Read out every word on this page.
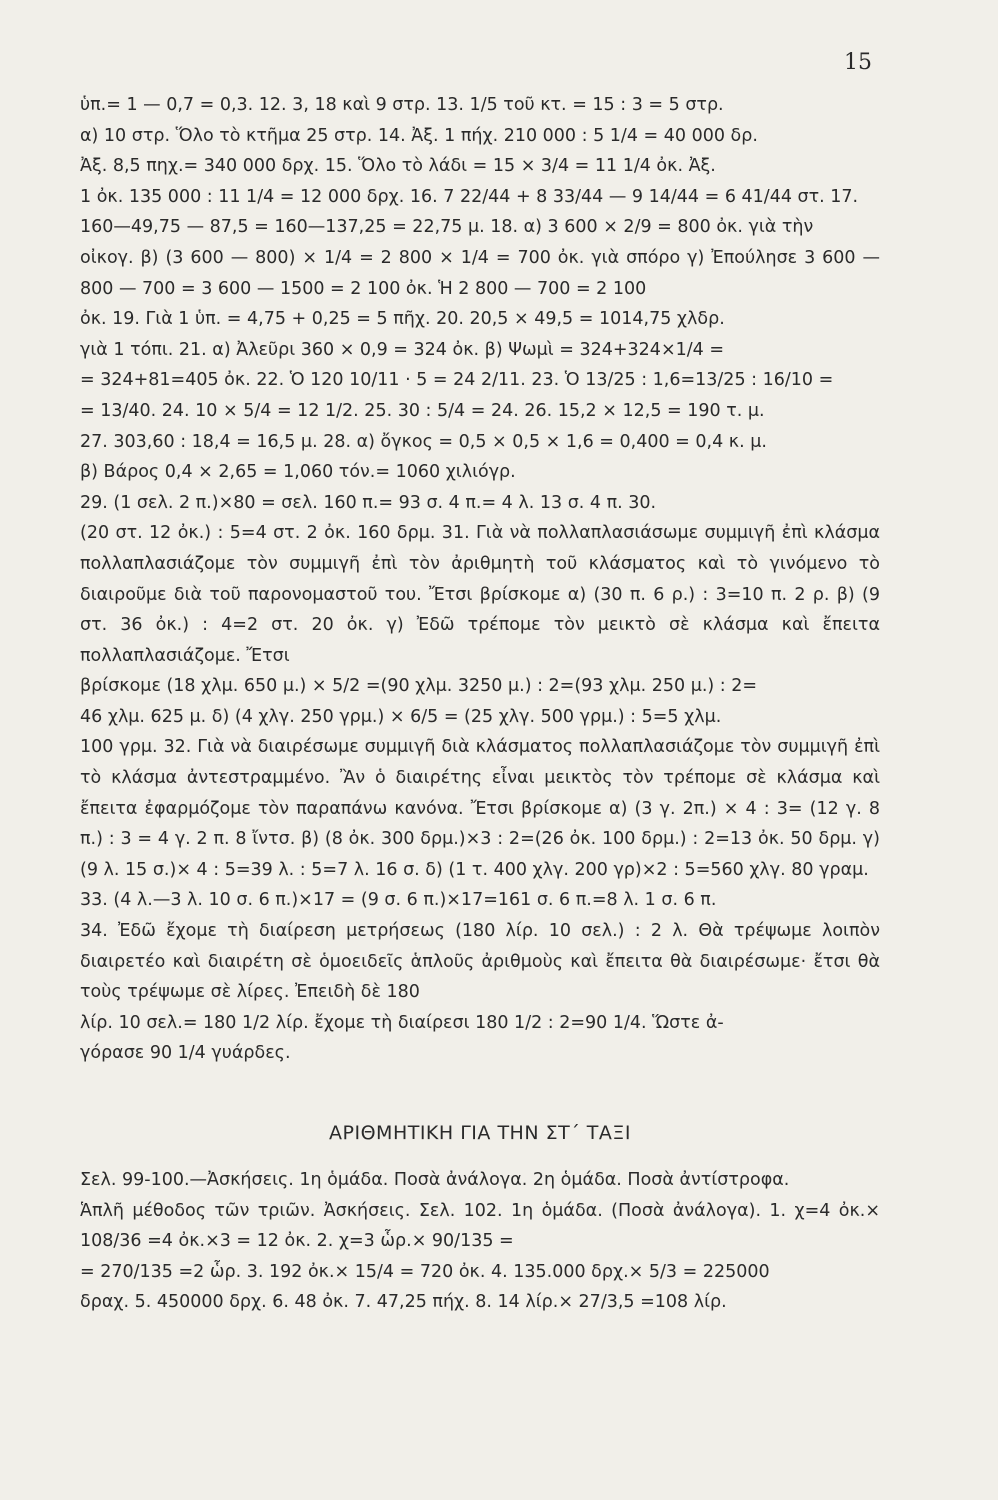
15

ὑπ.= 1 — 0,7 = 0,3. 12. 3, 18 καὶ 9 στρ. 13. 1/5 τοῦ κτ. = 15 : 3 = 5 στρ.

α) 10 στρ. Ὅλο τὸ κτῆμα 25 στρ. 14. Ἀξ. 1 πήχ. 210 000 : 5 1/4 = 40 000 δρ.

Ἀξ. 8,5 πηχ.= 340 000 δρχ. 15. Ὅλο τὸ λάδι = 15 × 3/4 = 11 1/4 ὀκ. Ἀξ.

1 ὀκ. 135 000 : 11 1/4 = 12 000 δρχ. 16. 7 22/44 + 8 33/44 — 9 14/44 = 6 41/44 στ. 17.

160—49,75 — 87,5 = 160—137,25 = 22,75 μ. 18. α) 3 600 × 2/9 = 800 ὀκ. γιὰ τὴν

οἰκογ. β) (3 600 — 800) × 1/4 = 2 800 × 1/4 = 700 ὀκ. γιὰ σπόρο γ) Ἐπούλησε 3 600 — 800 — 700 = 3 600 — 1500 = 2 100 ὀκ. Ἡ 2 800 — 700 = 2 100

ὀκ. 19. Γιὰ 1 ὑπ. = 4,75 + 0,25 = 5 πῆχ. 20. 20,5 × 49,5 = 1014,75 χλδρ.

γιὰ 1 τόπι. 21. α) Ἀλεῦρι 360 × 0,9 = 324 ὀκ. β) Ψωμὶ = 324+324×1/4 =

= 324+81=405 ὀκ. 22. Ὁ 120 10/11 · 5 = 24 2/11. 23. Ὁ 13/25 : 1,6=13/25 : 16/10 =

= 13/40. 24. 10 × 5/4 = 12 1/2. 25. 30 : 5/4 = 24. 26. 15,2 × 12,5 = 190 τ. μ.

27. 303,60 : 18,4 = 16,5 μ. 28. α) ὄγκος = 0,5 × 0,5 × 1,6 = 0,400 = 0,4 κ. μ.

β) Βάρος 0,4 × 2,65 = 1,060 τόν.= 1060 χιλιόγρ.

29. (1 σελ. 2 π.)×80 = σελ. 160 π.= 93 σ. 4 π.= 4 λ. 13 σ. 4 π. 30.

(20 στ. 12 ὀκ.) : 5=4 στ. 2 ὀκ. 160 δρμ. 31. Γιὰ νὰ πολλαπλασιάσωμε συμμιγῆ ἐπὶ κλάσμα πολλαπλασιάζομε τὸν συμμιγῆ ἐπὶ τὸν ἀριθμητὴ τοῦ κλάσματος καὶ τὸ γινόμενο τὸ διαιροῦμε διὰ τοῦ παρονομαστοῦ του. Ἔτσι βρίσκομε α) (30 π. 6 ρ.) : 3=10 π. 2 ρ. β) (9 στ. 36 ὀκ.) : 4=2 στ. 20 ὀκ. γ) Ἐδῶ τρέπομε τὸν μεικτὸ σὲ κλάσμα καὶ ἔπειτα πολλαπλασιάζομε. Ἔτσι

βρίσκομε (18 χλμ. 650 μ.) × 5/2 =(90 χλμ. 3250 μ.) : 2=(93 χλμ. 250 μ.) : 2=

46 χλμ. 625 μ. δ) (4 χλγ. 250 γρμ.) × 6/5 = (25 χλγ. 500 γρμ.) : 5=5 χλμ.

100 γρμ. 32. Γιὰ νὰ διαιρέσωμε συμμιγῆ διὰ κλάσματος πολλαπλασιάζομε τὸν συμμιγῆ ἐπὶ τὸ κλάσμα ἀντεστραμμένο. Ἂν ὁ διαιρέτης εἶναι μεικτὸς τὸν τρέπομε σὲ κλάσμα καὶ ἔπειτα ἐφαρμόζομε τὸν παραπάνω κανόνα. Ἔτσι βρίσκομε α) (3 γ. 2π.) × 4 : 3= (12 γ. 8 π.) : 3 = 4 γ. 2 π. 8 ἴντσ. β) (8 ὀκ. 300 δρμ.)×3 : 2=(26 ὀκ. 100 δρμ.) : 2=13 ὀκ. 50 δρμ. γ) (9 λ. 15 σ.)× 4 : 5=39 λ. : 5=7 λ. 16 σ. δ) (1 τ. 400 χλγ. 200 γρ)×2 : 5=560 χλγ. 80 γραμ.

33. (4 λ.—3 λ. 10 σ. 6 π.)×17 = (9 σ. 6 π.)×17=161 σ. 6 π.=8 λ. 1 σ. 6 π.

34. Ἐδῶ ἔχομε τὴ διαίρεση μετρήσεως (180 λίρ. 10 σελ.) : 2 λ. Θὰ τρέψωμε λοιπὸν διαιρετέο καὶ διαιρέτη σὲ ὁμοειδεῖς ἁπλοῦς ἀριθμοὺς καὶ ἔπειτα θὰ διαιρέσωμε· ἔτσι θὰ τοὺς τρέψωμε σὲ λίρες. Ἐπειδὴ δὲ 180

λίρ. 10 σελ.= 180 1/2 λίρ. ἔχομε τὴ διαίρεσι 180 1/2 : 2=90 1/4. Ὥστε ἀ-

γόρασε 90 1/4 γυάρδες.

ΑΡΙΘΜΗΤΙΚΗ ΓΙΑ ΤΗΝ ΣΤ΄ ΤΑΞΙ

Σελ. 99-100.—Ἀσκήσεις. 1η ὁμάδα. Ποσὰ ἀνάλογα. 2η ὁμάδα. Ποσὰ ἀντίστροφα.

Ἁπλῆ μέθοδος τῶν τριῶν. Ἀσκήσεις. Σελ. 102. 1η ὁμάδα. (Ποσὰ ἀνάλογα). 1. χ=4 ὀκ.× 108/36 =4 ὀκ.×3 = 12 ὀκ. 2. χ=3 ὧρ.× 90/135 =

= 270/135 =2 ὧρ. 3. 192 ὀκ.× 15/4 = 720 ὀκ. 4. 135.000 δρχ.× 5/3 = 225000

δραχ. 5. 450000 δρχ. 6. 48 ὀκ. 7. 47,25 πήχ. 8. 14 λίρ.× 27/3,5 =108 λίρ.
